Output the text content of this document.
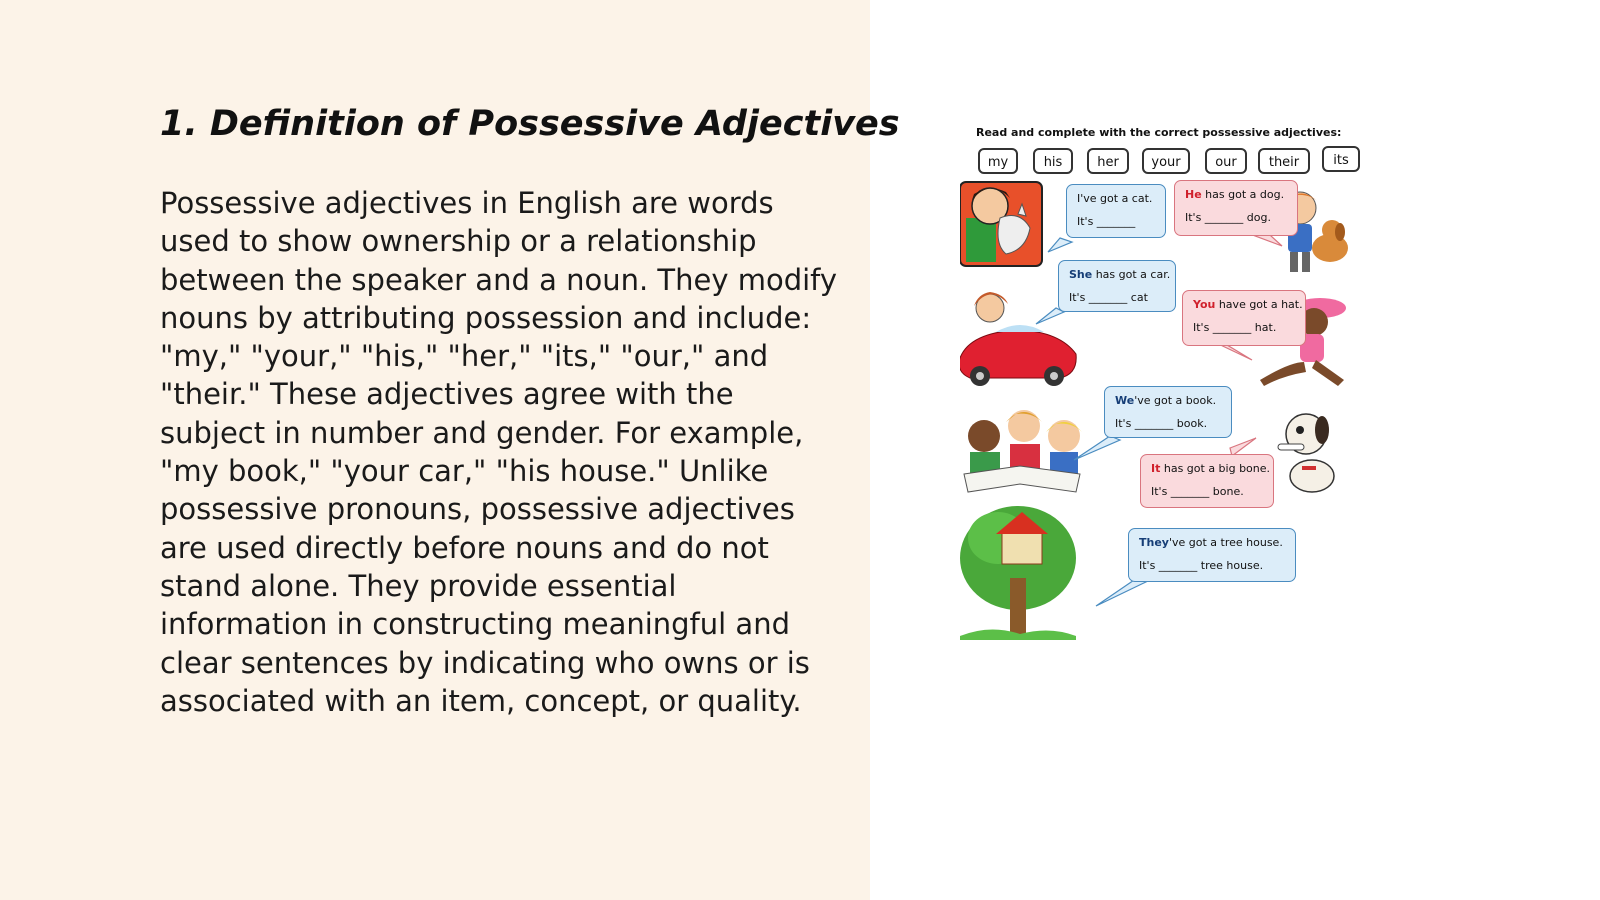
1. Definition of Possessive Adjectives

Possessive adjectives in English are words used to show ownership or a relationship between the speaker and a noun. They modify nouns by attributing possession and include: "my," "your," "his," "her," "its," "our," and "their." These adjectives agree with the subject in number and gender. For example, "my book," "your car," "his house." Unlike possessive pronouns, possessive adjectives are used directly before nouns and do not stand alone. They provide essential information in constructing meaningful and clear sentences by indicating who owns or is associated with an item, concept, or quality.

Read and complete with the correct possessive adjectives:
my	his	her	your	our	their	its
I've got a cat.
It's _______
He has got a dog.
It's _______ dog.
She has got a car.
It's _______ cat
You have got a hat.
It's _______ hat.
We've got a book.
It's _______ book.
It has got a big bone.
It's _______ bone.
They've got a tree house.
It's _______ tree house.
